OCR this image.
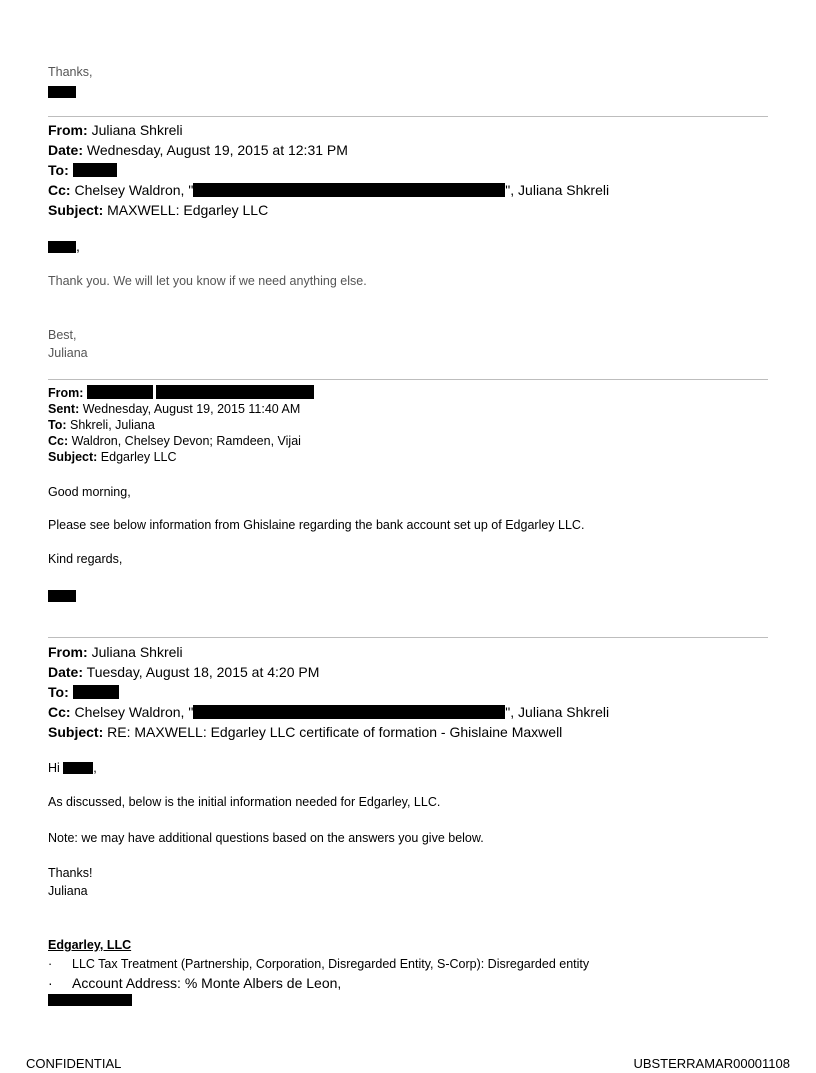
Thanks,
From: Juliana Shkreli
Date: Wednesday, August 19, 2015 at 12:31 PM
To:
Cc: Chelsey Waldron, "	", Juliana Shkreli
Subject: MAXWELL: Edgarley LLC
,
Thank you. We will let you know if we need anything else.
Best,
Juliana
From:
Sent: Wednesday, August 19, 2015 11:40 AM
To: Shkreli, Juliana
Cc: Waldron, Chelsey Devon; Ramdeen, Vijai
Subject: Edgarley LLC
Good morning,
Please see below information from Ghislaine regarding the bank account set up of Edgarley LLC.
Kind regards,
From: Juliana Shkreli
Date: Tuesday, August 18, 2015 at 4:20 PM
To:
Cc: Chelsey Waldron, "	", Juliana Shkreli
Subject: RE: MAXWELL: Edgarley LLC certificate of formation - Ghislaine Maxwell
Hi	,
As discussed, below is the initial information needed for Edgarley, LLC.
Note: we may have additional questions based on the answers you give below.
Thanks!
Juliana
Edgarley, LLC
· LLC Tax Treatment (Partnership, Corporation, Disregarded Entity, S-Corp): Disregarded entity
· Account Address: % Monte Albers de Leon,
CONFIDENTIAL	UBSTERRAMAR00001108
